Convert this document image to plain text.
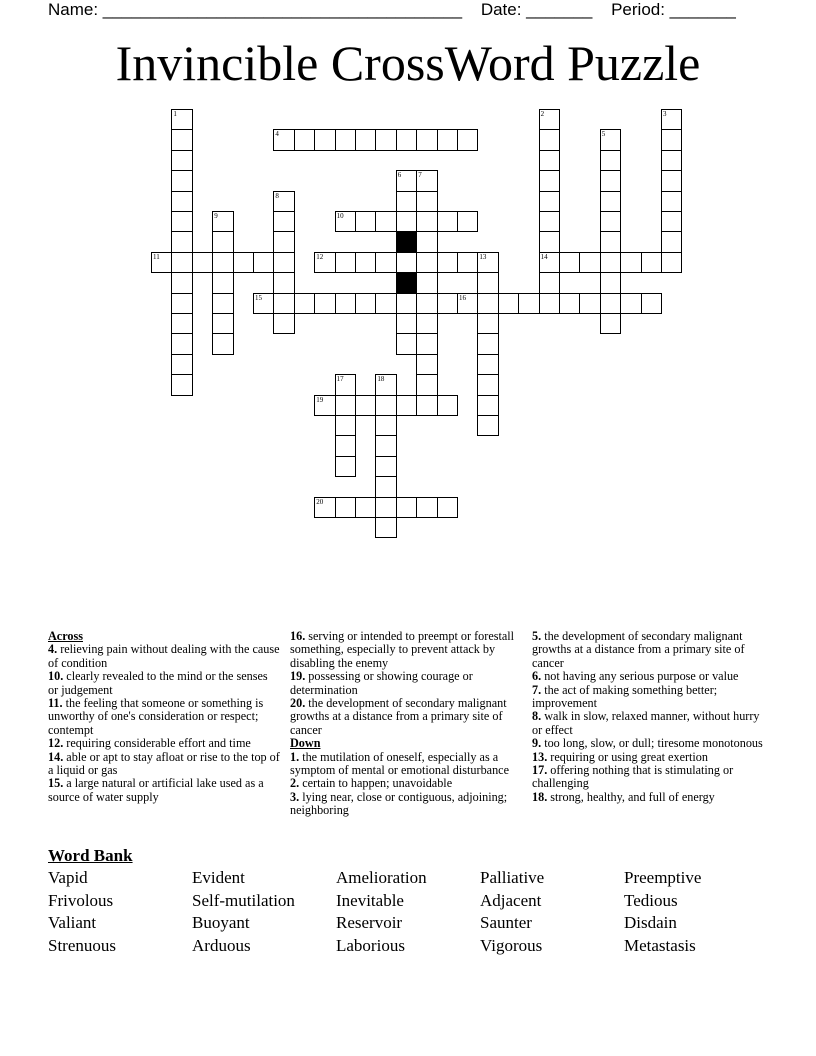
Name: ______________________________________ Date: _______ Period: _______
Invincible CrossWord Puzzle
1	2
14
3
4	5
6 7
8
9	10
11	12	13
15	16
17	18
19
20
Across
4. relieving pain without dealing with the cause of condition
10. clearly revealed to the mind or the senses or judgement
11. the feeling that someone or something is unworthy of one's consideration or respect; contempt
12. requiring considerable effort and time
14. able or apt to stay afloat or rise to the top of a liquid or gas
15. a large natural or artificial lake used as a source of water supply
16. serving or intended to preempt or forestall something, especially to prevent attack by disabling the enemy
19. possessing or showing courage or determination
20. the development of secondary malignant growths at a distance from a primary site of cancer
Down
1. the mutilation of oneself, especially as a symptom of mental or emotional disturbance
2. certain to happen; unavoidable
3. lying near, close or contiguous, adjoining; neighboring
5. the development of secondary malignant growths at a distance from a primary site of cancer
6. not having any serious purpose or value
7. the act of making something better; improvement
8. walk in slow, relaxed manner, without hurry or effect
9. too long, slow, or dull; tiresome monotonous
13. requiring or using great exertion
17. offering nothing that is stimulating or challenging
18. strong, healthy, and full of energy
Word Bank
Vapid	Evident	Amelioration	Palliative	Preemptive
Frivolous	Self-mutilation Inevitable	Adjacent	Tedious
Valiant	Buoyant	Reservoir	Saunter	Disdain
Strenuous	Arduous	Laborious	Vigorous	Metastasis
